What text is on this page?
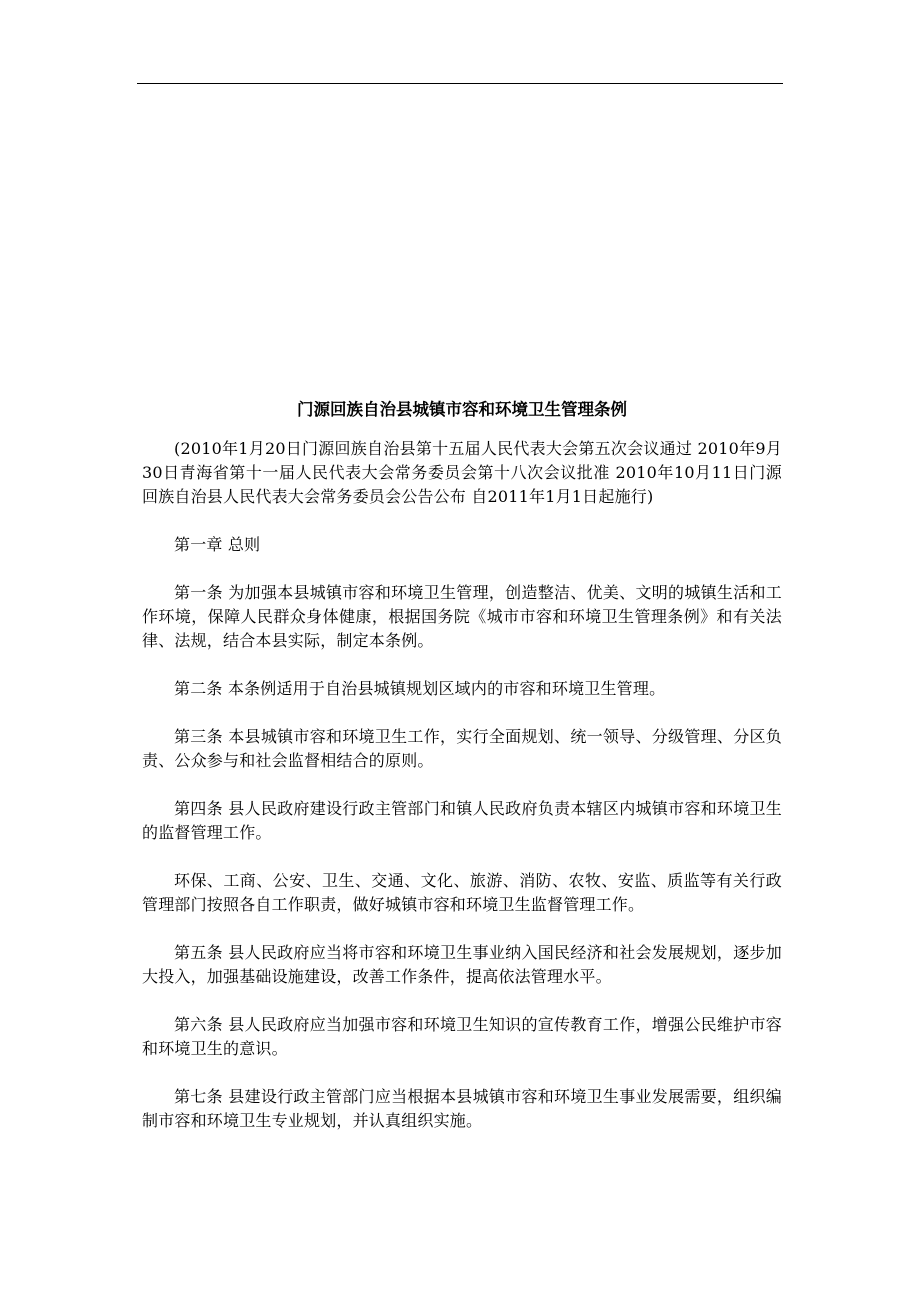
门源回族自治县城镇市容和环境卫生管理条例

(2010年1月20日门源回族自治县第十五届人民代表大会第五次会议通过 2010年9月30日青海省第十一届人民代表大会常务委员会第十八次会议批准 2010年10月11日门源回族自治县人民代表大会常务委员会公告公布 自2011年1月1日起施行)

第一章 总则

第一条 为加强本县城镇市容和环境卫生管理，创造整洁、优美、文明的城镇生活和工作环境，保障人民群众身体健康，根据国务院《城市市容和环境卫生管理条例》和有关法律、法规，结合本县实际，制定本条例。

第二条 本条例适用于自治县城镇规划区域内的市容和环境卫生管理。

第三条 本县城镇市容和环境卫生工作，实行全面规划、统一领导、分级管理、分区负责、公众参与和社会监督相结合的原则。

第四条 县人民政府建设行政主管部门和镇人民政府负责本辖区内城镇市容和环境卫生的监督管理工作。

环保、工商、公安、卫生、交通、文化、旅游、消防、农牧、安监、质监等有关行政管理部门按照各自工作职责，做好城镇市容和环境卫生监督管理工作。

第五条 县人民政府应当将市容和环境卫生事业纳入国民经济和社会发展规划，逐步加大投入，加强基础设施建设，改善工作条件，提高依法管理水平。

第六条 县人民政府应当加强市容和环境卫生知识的宣传教育工作，增强公民维护市容和环境卫生的意识。

第七条 县建设行政主管部门应当根据本县城镇市容和环境卫生事业发展需要，组织编制市容和环境卫生专业规划，并认真组织实施。
